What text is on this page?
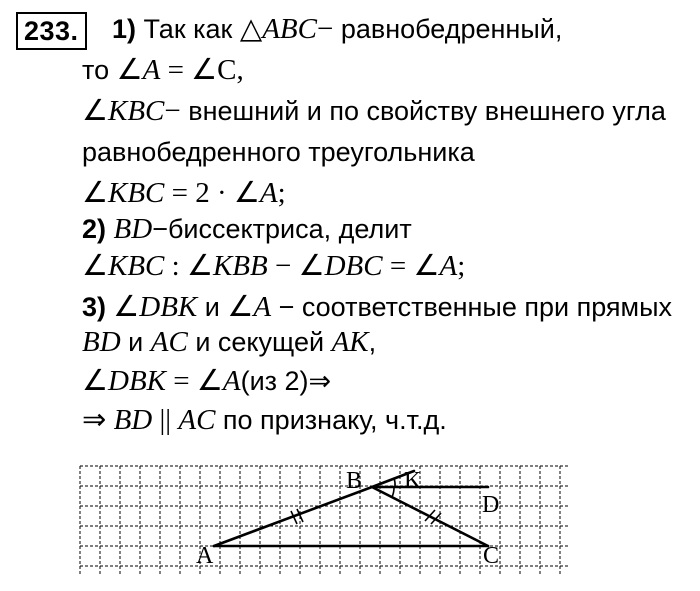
233. 1) Так как △ABC− равнобедренный,
то ∠A = ∠C,
∠KBC− внешний и по свойству внешнего угла
равнобедренного треугольника
∠KBC = 2 · ∠A;
2) BD−биссектриса, делит
∠KBC : ∠KBB − ∠DBC = ∠A;
3) ∠DBK и ∠A − соответственные при прямых
BD и AC и секущей AK,
∠DBK = ∠A(из 2)⇒
⇒ BD || AC по признаку, ч.т.д.
A
B
C
D
K
